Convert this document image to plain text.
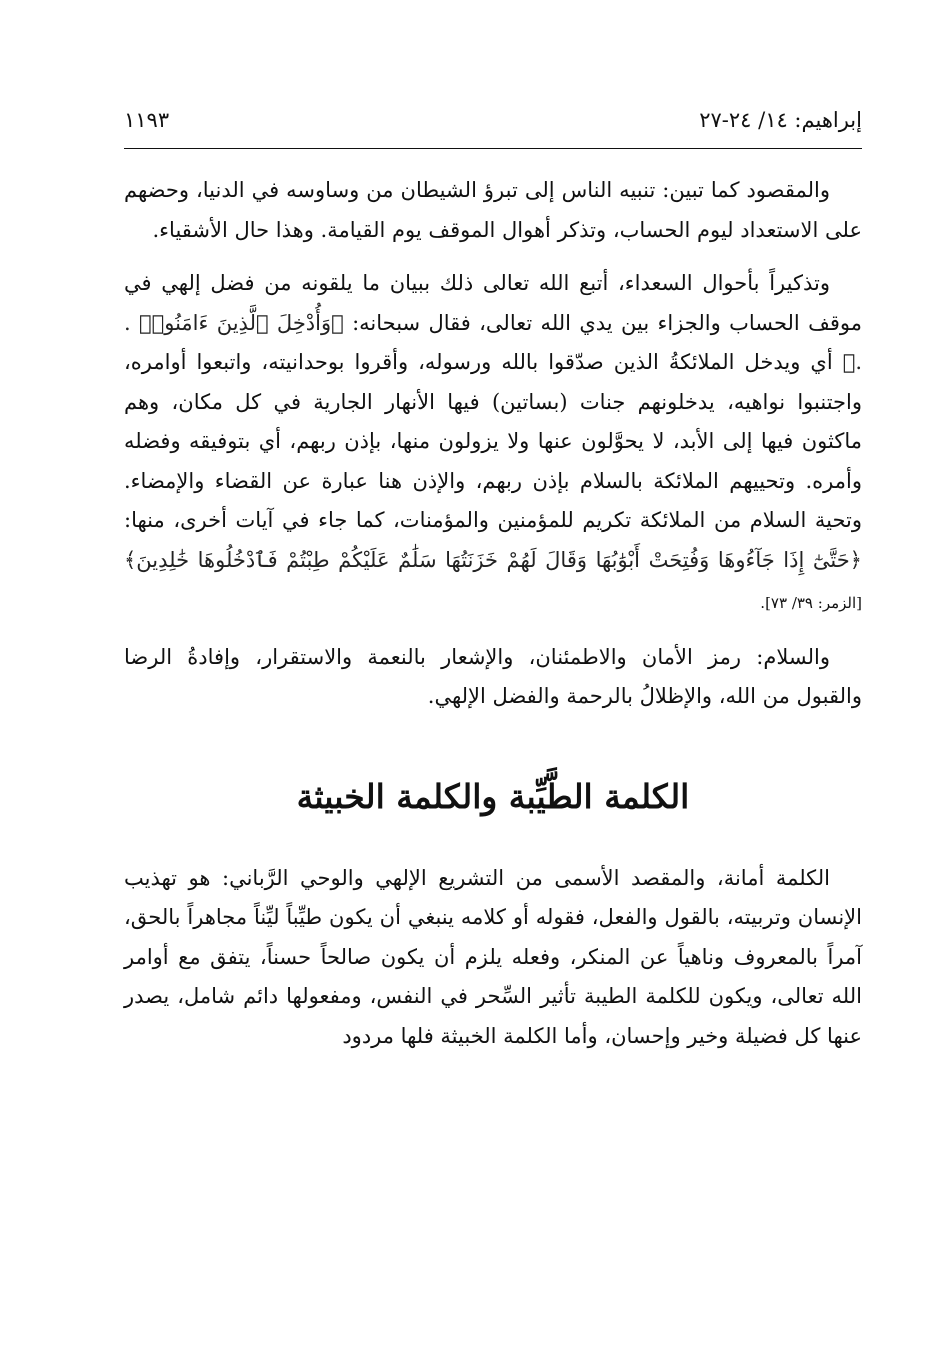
إبراهيم: ١٤/ ٢٤-٢٧
١١٩٣

والمقصود كما تبين: تنبيه الناس إلى تبرؤ الشيطان من وساوسه في الدنيا، وحضهم على الاستعداد ليوم الحساب، وتذكر أهوال الموقف يوم القيامة. وهذا حال الأشقياء.

وتذكيراً بأحوال السعداء، أتبع الله تعالى ذلك ببيان ما يلقونه من فضل إلهي في موقف الحساب والجزاء بين يدي الله تعالى، فقال سبحانه: ﴿وَأُدْخِلَ ٱلَّذِينَ ءَامَنُوا۟ . .﴾ أي ويدخل الملائكةُ الذين صدّقوا بالله ورسوله، وأقروا بوحدانيته، واتبعوا أوامره، واجتنبوا نواهيه، يدخلونهم جنات (بساتين) فيها الأنهار الجارية في كل مكان، وهم ماكثون فيها إلى الأبد، لا يحوَّلون عنها ولا يزولون منها، بإذن ربهم، أي بتوفيقه وفضله وأمره. وتحييهم الملائكة بالسلام بإذن ربهم، والإذن هنا عبارة عن القضاء والإمضاء. وتحية السلام من الملائكة تكريم للمؤمنين والمؤمنات، كما جاء في آيات أخرى، منها: ﴿حَتَّىٰٓ إِذَا جَآءُوهَا وَفُتِحَتْ أَبْوَٰبُهَا وَقَالَ لَهُمْ خَزَنَتُهَا سَلَٰمٌ عَلَيْكُمْ طِبْتُمْ فَٱدْخُلُوهَا خَٰلِدِينَ﴾ [الزمر: ٣٩/ ٧٣].

والسلام: رمز الأمان والاطمئنان، والإشعار بالنعمة والاستقرار، وإفادةُ الرضا والقبول من الله، والإظلالُ بالرحمة والفضل الإلهي.

الكلمة الطَّيِّبة والكلمة الخبيثة

الكلمة أمانة، والمقصد الأسمى من التشريع الإلهي والوحي الرَّباني: هو تهذيب الإنسان وتربيته، بالقول والفعل، فقوله أو كلامه ينبغي أن يكون طيِّباً ليِّناً مجاهراً بالحق، آمراً بالمعروف وناهياً عن المنكر، وفعله يلزم أن يكون صالحاً حسناً، يتفق مع أوامر الله تعالى، ويكون للكلمة الطيبة تأثير السِّحر في النفس، ومفعولها دائم شامل، يصدر عنها كل فضيلة وخير وإحسان، وأما الكلمة الخبيثة فلها مردود
